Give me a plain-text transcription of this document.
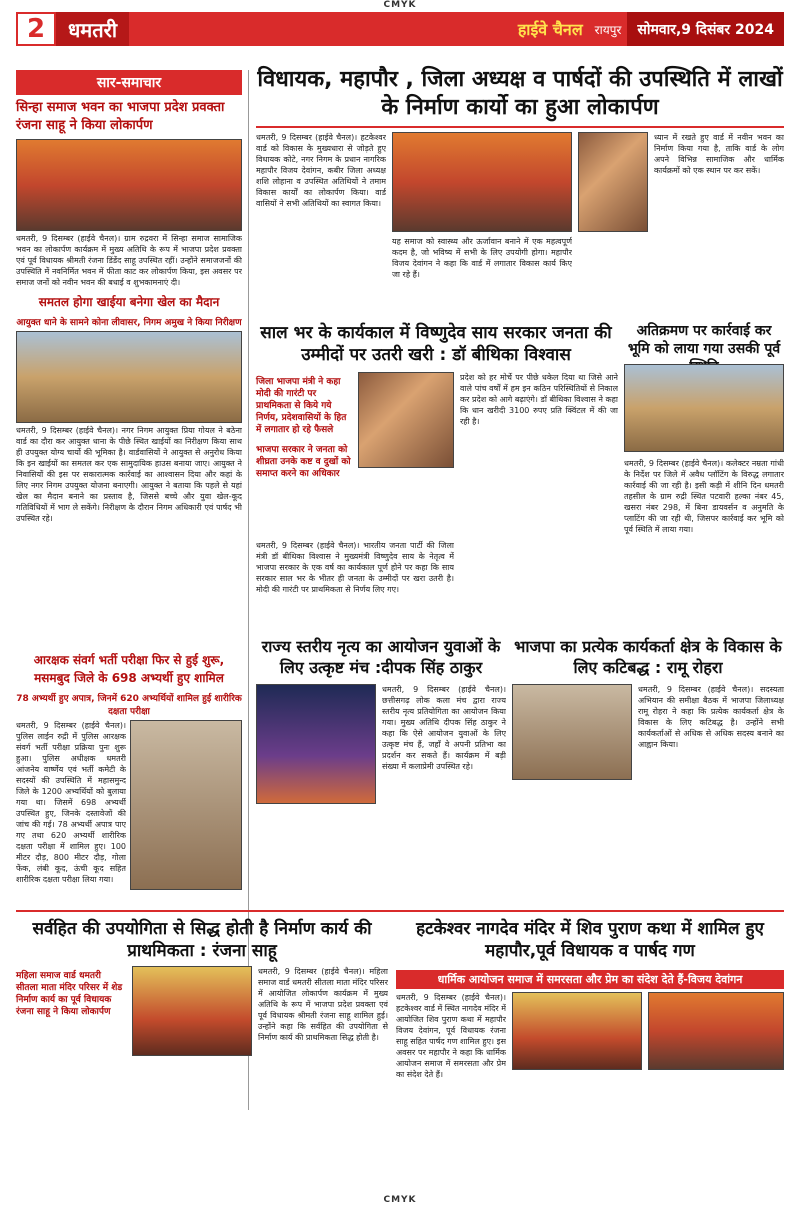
CMYK
2	धमतरी	हाईवे चैनल	रायपुर	सोमवार,9 दिसंबर 2024
सार-समाचार
सिन्हा समाज भवन का भाजपा प्रदेश प्रवक्ता रंजना साहू ने किया लोकार्पण
धमतरी, 9 दिसम्बर (हाईवे चैनल)। ग्राम रुद्रवरा में सिन्हा समाज सामाजिक भवन का लोकार्पण कार्यक्रम में मुख्य अतिथि के रूप में भाजपा प्रदेश प्रवक्ता एवं पूर्व विधायक श्रीमती रंजना डिंडेंद साहू उपस्थित रहीं। उन्होंने समाजजनों की उपस्थिति में नवनिर्मित भवन में फीता काट कर लोकार्पण किया, इस अवसर पर समाज जनों को नवीन भवन की बधाई व शुभकामनाएं दी।
समतल होगा खाईया बनेगा खेल का मैदान
आयुक्त धाने के सामने कोना लीवासर, निगम अमुख ने किया निरीक्षण
धमतरी, 9 दिसम्बर (हाईवे चैनल)। नगर निगम आयुक्त प्रिया गोयल ने बठेना वार्ड का दौरा कर आयुक्त धाना के पीछे स्थित खाईयों का निरीक्षण किया साथ ही उपयुक्त योग्य चार्यो की भूमिका है। वार्डवासियों ने आयुक्त से अनुरोध किया कि इन खाईयों का समतल कर एक सामुदायिक हाउस बनाया जाए। आयुक्त ने निवासियों की इस पर सकारात्मक कार्रवाई का आश्वासन दिया और कहां के लिए नगर निगम उपयुक्त योजना बनाएगी। आयुक्त ने बताया कि पहले से यहां खेल का मैदान बनाने का प्रस्ताव है, जिससे बच्चे और युवा खेल-कूद गतिविधियों में भाग ले सकेंगे। निरीक्षण के दौरान निगम अधिकारी एवं पार्षद भी उपस्थित रहे।
आरक्षक संवर्ग भर्ती परीक्षा फिर से हुई शुरू, मसमबुद जिले के 698 अभ्यर्थी हुए शामिल
78 अभ्यर्थी हुए अपात्र, जिनमें 620 अभ्यर्थियों शामिल हुई शारीरिक दक्षता परीक्षा
धमतरी, 9 दिसम्बर (हाईवे चैनल)। पुलिस लाईन रुद्री में पुलिस आरक्षक संवर्ग भर्ती परीक्षा प्रक्रिया पुनः शुरू हुआ। पुलिस अधीक्षक धमतरी आंजनेय वार्ष्णेय एवं भर्ती कमेटी के सदस्यों की उपस्थिति में महासमुन्द जिले के 1200 अभ्यर्थियों को बुलाया गया था। जिसमें 698 अभ्यर्थी उपस्थित हुए, जिनके दस्तावेजों की जांच की गई। 78 अभ्यर्थी अपात्र पाए गए तथा 620 अभ्यर्थी शारीरिक दक्षता परीक्षा में शामिल हुए। 100 मीटर दौड़, 800 मीटर दौड़, गोला फेंक, लंबी कूद, ऊंची कूद सहित शारीरिक दक्षता परीक्षा लिया गया।
विधायक, महापौर , जिला अध्यक्ष व पार्षदों की उपस्थिति में लाखों के निर्माण कार्यो का हुआ लोकार्पण
धमतरी, 9 दिसम्बर (हाईवे चैनल)। हटकेश्वर वार्ड को विकास के मुख्यधारा से जोड़ते हुए विधायक कोटे, नगर निगम के प्रधान नागरिक महापौर विजय देवांगन, कबीर जिला अध्यक्ष शशि लोहाना व उपस्थित अतिथियों ने तमाम विकास कार्यों का लोकार्पण किया। वार्ड वासियों ने सभी अतिथियों का स्वागत किया।
यह समाज को स्वास्थ्य और ऊर्जावान बनाने में एक महत्वपूर्ण कदम है, जो भविष्य में सभी के लिए उपयोगी होगा। महापौर विजय देवांगन ने कहा कि वार्ड में लगातार विकास कार्य किए जा रहे हैं।
ध्यान में रखते हुए वार्ड में नवीन भवन का निर्माण किया गया है, ताकि वार्ड के लोग अपने विभिन्न सामाजिक और धार्मिक कार्यक्रमों को एक स्थान पर कर सकें।
साल भर के कार्यकाल में विष्णुदेव साय सरकार जनता की उम्मीदों पर उतरी खरी : डॉ बीथिका विश्वास
जिला भाजपा मंत्री ने कहा मोदी की गारंटी पर प्राथमिकता से किये गये निर्णय, प्रदेशवासियों के हित में लगातार हो रहे फैसले
भाजपा सरकार ने जनता को शीघ्रता उनके कष्ट व दुखों को समाप्त करने का अधिकार
धमतरी, 9 दिसम्बर (हाईवे चैनल)। भारतीय जनता पार्टी की जिला मंत्री डॉ बीथिका विश्वास ने मुख्यमंत्री विष्णुदेव साय के नेतृत्व में भाजपा सरकार के एक वर्ष का कार्यकाल पूर्ण होने पर कहा कि साय सरकार साल भर के भीतर ही जनता के उम्मीदों पर खरा उतरी है। मोदी की गारंटी पर प्राथमिकता से निर्णय लिए गए।
प्रदेश को हर मोर्चे पर पीछे धकेल दिया था जिसे आने वाले पांच वर्षों में हम इन कठिन परिस्थितियों से निकाल कर प्रदेश को आगे बढ़ाएंगे। डॉ बीथिका विश्वास ने कहा कि धान खरीदी 3100 रुपए प्रति क्विंटल में की जा रही है।
अतिक्रमण पर कार्रवाई कर भूमि को लाया गया उसकी पूर्व
धमतरी, 9 दिसम्बर (हाईवे चैनल)। कलेक्टर नम्रता गांधी के निर्देश पर जिले में अवैध प्लॉटिंग के विरुद्ध लगातार कार्रवाई की जा रही है। इसी कड़ी में शीनि दिन धमतरी तहसील के ग्राम रुद्री स्थित पटवारी हल्का नंबर 45, खसरा नंबर 298, में बिना डायवर्सन व अनुमति के प्लाटिंग की जा रही थी, जिसपर कार्रवाई कर भूमि को पूर्व स्थिति में लाया गया।
राज्य स्तरीय नृत्य का आयोजन युवाओं के लिए उत्कृष्ट मंच :दीपक सिंह ठाकुर
धमतरी, 9 दिसम्बर (हाईवे चैनल)। छत्तीसगढ़ लोक कला मंच द्वारा राज्य स्तरीय नृत्य प्रतियोगिता का आयोजन किया गया। मुख्य अतिथि दीपक सिंह ठाकुर ने कहा कि ऐसे आयोजन युवाओं के लिए उत्कृष्ट मंच हैं, जहाँ वे अपनी प्रतिभा का प्रदर्शन कर सकते हैं। कार्यक्रम में बड़ी संख्या में कलाप्रेमी उपस्थित रहे।
भाजपा का प्रत्येक कार्यकर्ता क्षेत्र के विकास के लिए कटिबद्ध : रामू रोहरा
धमतरी, 9 दिसम्बर (हाईवे चैनल)। सदस्यता अभियान की समीक्षा बैठक में भाजपा जिलाध्यक्ष रामू रोहरा ने कहा कि प्रत्येक कार्यकर्ता क्षेत्र के विकास के लिए कटिबद्ध है। उन्होंने सभी कार्यकर्ताओं से अधिक से अधिक सदस्य बनाने का आह्वान किया।
सर्वहित की उपयोगिता से सिद्ध होती है निर्माण कार्य की प्राथमिकता : रंजना साहू
महिला समाज वार्ड धमतरी सीतला माता मंदिर परिसर में शेड निर्माण कार्य का पूर्व विधायक रंजना साहू ने किया लोकार्पण
धमतरी, 9 दिसम्बर (हाईवे चैनल)। महिला समाज वार्ड धमतरी सीतला माता मंदिर परिसर में आयोजित लोकार्पण कार्यक्रम में मुख्य अतिथि के रूप में भाजपा प्रदेश प्रवक्ता एवं पूर्व विधायक श्रीमती रंजना साहू शामिल हुई। उन्होंने कहा कि सर्वहित की उपयोगिता से निर्माण कार्य की प्राथमिकता सिद्ध होती है।
हटकेश्वर नागदेव मंदिर में शिव पुराण कथा में शामिल हुए महापौर,पूर्व विधायक व पार्षद गण
धार्मिक आयोजन समाज में समरसता और प्रेम का संदेश देते हैं-विजय देवांगन
धमतरी, 9 दिसम्बर (हाईवे चैनल)। हटकेश्वर वार्ड में स्थित नागदेव मंदिर में आयोजित शिव पुराण कथा में महापौर विजय देवांगन, पूर्व विधायक रंजना साहू सहित पार्षद गण शामिल हुए। इस अवसर पर महापौर ने कहा कि धार्मिक आयोजन समाज में समरसता और प्रेम का संदेश देते हैं।
CMYK
